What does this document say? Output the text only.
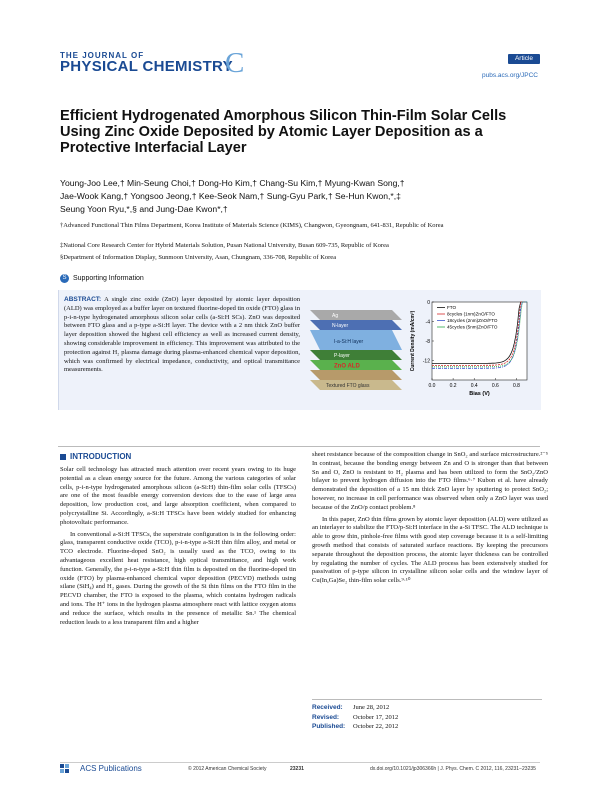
THE JOURNAL OF
PHYSICAL CHEMISTRY
C	Article
pubs.acs.org/JPCC
Efficient Hydrogenated Amorphous Silicon Thin-Film Solar Cells Using Zinc Oxide Deposited by Atomic Layer Deposition as a Protective Interfacial Layer
Young-Joo Lee,† Min-Seung Choi,† Dong-Ho Kim,† Chang-Su Kim,† Myung-Kwan Song,†
Jae-Wook Kang,† Yongsoo Jeong,† Kee-Seok Nam,† Sung-Gyu Park,† Se-Hun Kwon,*,‡
Seung Yoon Ryu,*,§ and Jung-Dae Kwon*,†
†Advanced Functional Thin Films Department, Korea Institute of Materials Science (KIMS), Changwon, Gyeongnam, 641-831, Republic of Korea
‡National Core Research Center for Hybrid Materials Solution, Pusan National University, Busan 609-735, Republic of Korea
§Department of Information Display, Sunmoon University, Asan, Chungnam, 336-708, Republic of Korea
S Supporting Information
ABSTRACT: A single zinc oxide (ZnO) layer deposited by atomic layer deposition (ALD) was employed as a buffer layer on textured fluorine-doped tin oxide (FTO) glass in p-i-n-type hydrogenated amorphous silicon solar cells (a-Si:H SCs). ZnO was deposited between FTO glass and a p-type a-Si:H layer. The device with a 2 nm thick ZnO buffer layer deposition showed the highest cell efficiency as well as increased current density, showing considerable improvement in efficiency. This improvement was attributed to the protection against H₂ plasma damage during plasma-enhanced chemical vapor deposition, which was confirmed by electrical impedance, conductivity, and optical transmittance measurements.
Ag
N-layer
I-a-Si:H layer
P-layer
ZnO ALD
Textured FTO glass	0.0	0.2	0.4	0.6	0.8
0
-4
-8
-12
Bias (V)
Current Density (mA/cm²)
FTO
8cycles (1nm)ZnO/FTO
18cycles (2nm)ZnO/FTO
45cycles (5nm)ZnO/FTO
INTRODUCTION

Solar cell technology has attracted much attention over recent years owing to its huge potential as a clean energy source for the future. Among the various categories of solar cells, p-i-n-type hydrogenated amorphous silicon (a-Si:H) thin-film solar cells (TFSCs) are one of the most feasible energy conversion devices due to the ease of large area deposition, low production cost, and large absorption coefficient, when compared to polycrystalline Si. Accordingly, a-Si:H TFSCs have been widely studied for enhancing photovoltaic performance.

In conventional a-Si:H TFSCs, the superstrate configuration is in the following order: glass, transparent conductive oxide (TCO), p-i-n-type a-Si:H thin film alloy, and metal or TCO electrode. Fluorine-doped SnO₂ is usually used as the TCO, owing to its advantageous excellent heat resistance, high optical transmittance, and high work function. Generally, the p-i-n-type a-Si:H thin film is deposited on the fluorine-doped tin oxide (FTO) by plasma-enhanced chemical vapor deposition (PECVD) methods using silane (SiH₄) and H₂ gases. During the growth of the Si thin films on the FTO film in the PECVD chamber, the FTO is exposed to the plasma, which contains hydrogen radicals and ions. The H⁺ ions in the hydrogen plasma atmosphere react with lattice oxygen atoms and reduce the surface, which results in the presence of metallic Sn.¹ The chemical reduction leads to a less transparent film and a higher

sheet resistance because of the composition change in SnO₂ and surface microstructure.²⁻⁵ In contrast, because the bonding energy between Zn and O is stronger than that between Sn and O, ZnO is resistant to H₂ plasma and has been utilized to form the SnO₂/ZnO bilayer to prevent hydrogen diffusion into the FTO films.⁶·⁷ Kubon et al. have already demonstrated the deposition of a 15 nm thick ZnO layer by sputtering to protect SnO₂; however, no increase in cell performance was observed when only a ZnO layer was used because of the ZnO/p contact problem.⁸

In this paper, ZnO thin films grown by atomic layer deposition (ALD) were utilized as an interlayer to stabilize the FTO/p-Si:H interface in the a-Si TFSC. The ALD technique is able to grow thin, pinhole-free films with good step coverage because it is a self-limiting growth method that consists of saturated surface reactions. By keeping the precursors separate throughout the deposition process, the atomic layer thickness can be controlled by regulating the number of cycles. The ALD process has been extensively studied for passivation of p-type silicon in crystalline silicon solar cells and the window layer of Cu(In,Ga)Se₂ thin-film solar cells.⁹·¹⁰

Received: June 28, 2012
Revised: October 17, 2012
Published: October 22, 2012
ACS Publications	© 2012 American Chemical Society	23231	dx.doi.org/10.1021/jp306366h | J. Phys. Chem. C 2012, 116, 23231−23235
